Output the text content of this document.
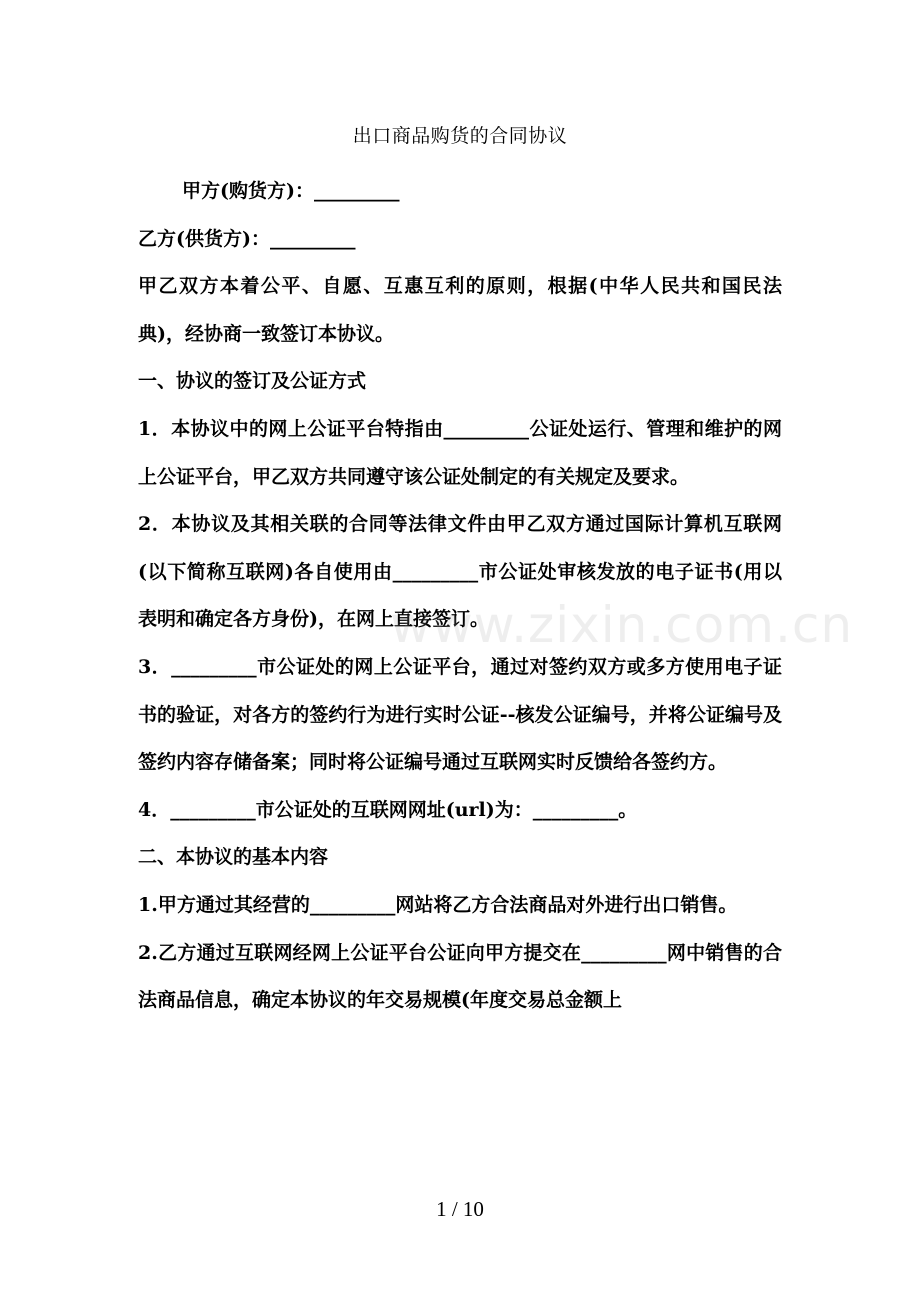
出口商品购货的合同协议

甲方(购货方)：_________

乙方(供货方)：_________

甲乙双方本着公平、自愿、互惠互利的原则，根据(中华人民共和国民法典)，经协商一致签订本协议。

一、协议的签订及公证方式

1．本协议中的网上公证平台特指由_________公证处运行、管理和维护的网上公证平台，甲乙双方共同遵守该公证处制定的有关规定及要求。

2．本协议及其相关联的合同等法律文件由甲乙双方通过国际计算机互联网(以下简称互联网)各自使用由_________市公证处审核发放的电子证书(用以表明和确定各方身份)，在网上直接签订。

3．_________市公证处的网上公证平台，通过对签约双方或多方使用电子证书的验证，对各方的签约行为进行实时公证--核发公证编号，并将公证编号及签约内容存储备案；同时将公证编号通过互联网实时反馈给各签约方。

4．_________市公证处的互联网网址(url)为：_________。

二、本协议的基本内容

1.甲方通过其经营的_________网站将乙方合法商品对外进行出口销售。

2.乙方通过互联网经网上公证平台公证向甲方提交在_________网中销售的合法商品信息，确定本协议的年交易规模(年度交易总金额上

www.zixin.com.cn
1 / 10
